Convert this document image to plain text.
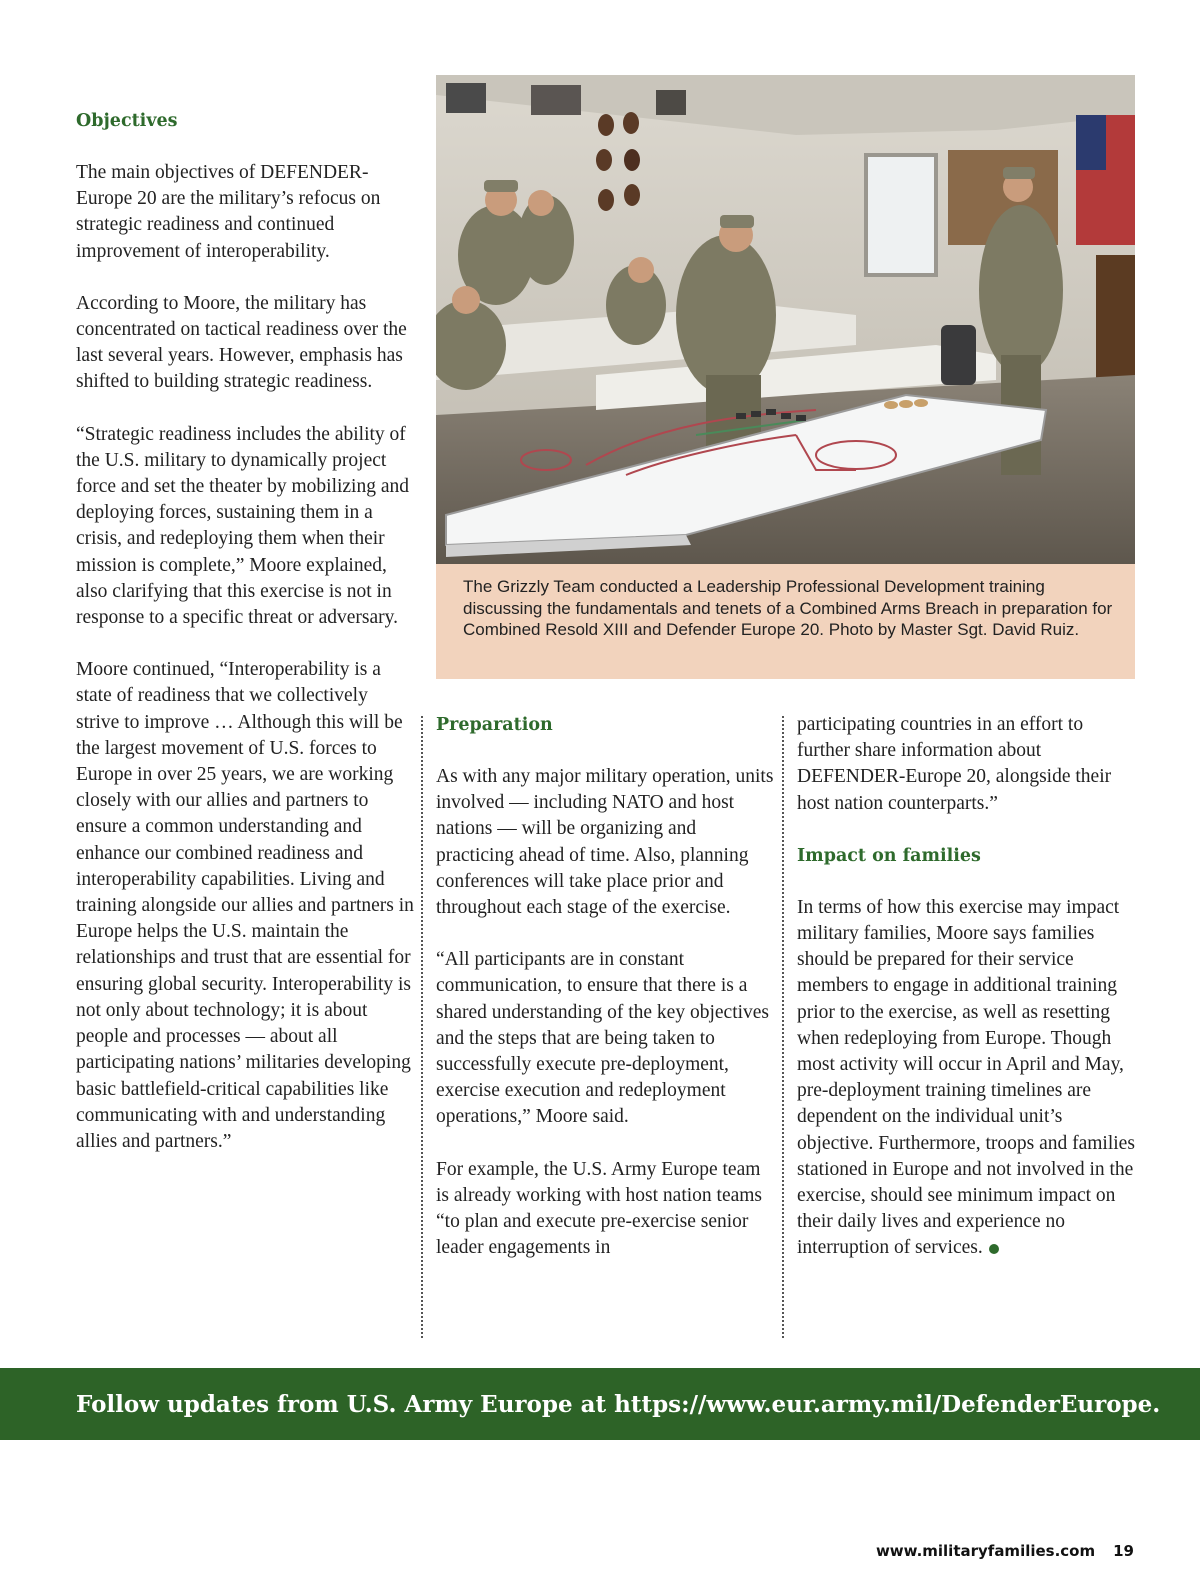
Objectives

The main objectives of DEFENDER-Europe 20 are the military’s refocus on strategic readiness and continued improvement of interoperability.

According to Moore, the military has concentrated on tactical readiness over the last several years. However, emphasis has shifted to building strategic readiness.

“Strategic readiness includes the ability of the U.S. military to dynamically project force and set the theater by mobilizing and deploying forces, sustaining them in a crisis, and redeploying them when their mission is complete,” Moore explained, also clarifying that this exercise is not in response to a specific threat or adversary.

Moore continued, “Interoperability is a state of readiness that we collectively strive to improve … Although this will be the largest movement of U.S. forces to Europe in over 25 years, we are working closely with our allies and partners to ensure a common understanding and enhance our combined readiness and interoperability capabilities. Living and training alongside our allies and partners in Europe helps the U.S. maintain the relationships and trust that are essential for ensuring global security. Interoperability is not only about technology; it is about people and processes — about all participating nations’ militaries developing basic battlefield-critical capabilities like communicating with and understanding allies and partners.”

The Grizzly Team conducted a Leadership Professional Development training discussing the fundamentals and tenets of a Combined Arms Breach in preparation for Combined Resold XIII and Defender Europe 20. Photo by Master Sgt. David Ruiz.
Preparation

As with any major military operation, units involved — including NATO and host nations — will be organizing and practicing ahead of time. Also, planning conferences will take place prior and throughout each stage of the exercise.

“All participants are in constant communication, to ensure that there is a shared understanding of the key objectives and the steps that are being taken to successfully execute pre-deployment, exercise execution and redeployment operations,” Moore said.

For example, the U.S. Army Europe team is already working with host nation teams “to plan and execute pre-exercise senior leader engagements in

participating countries in an effort to further share information about DEFENDER-Europe 20, alongside their host nation counterparts.”

Impact on families

In terms of how this exercise may impact military families, Moore says families should be prepared for their service members to engage in additional training prior to the exercise, as well as resetting when redeploying from Europe. Though most activity will occur in April and May, pre-deployment training timelines are dependent on the individual unit’s objective. Furthermore, troops and families stationed in Europe and not involved in the exercise, should see minimum impact on their daily lives and experience no interruption of services.

Follow updates from U.S. Army Europe at https://www.eur.army.mil/DefenderEurope.
www.militaryfamilies.com 19
